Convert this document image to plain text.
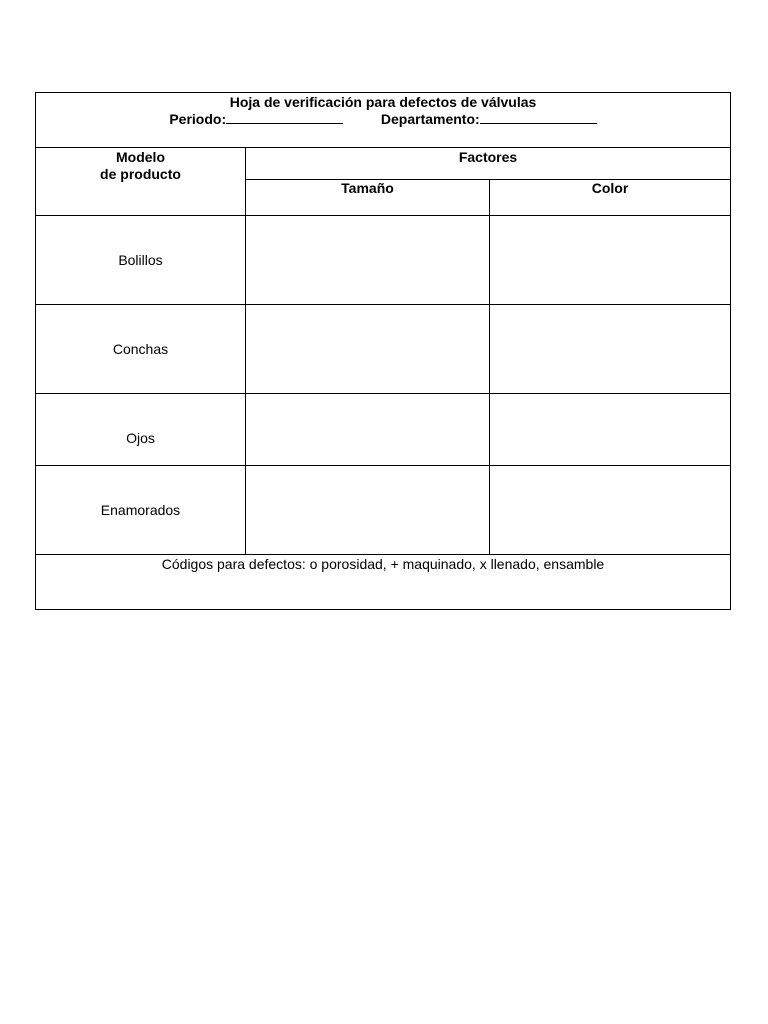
Hoja de verificación para defectos de válvulas
Periodo: Departamento:		

Modelo
de producto	Factores	
	Tamaño	Color
Bolillos		
Conchas		
Ojos		
Enamorados		
Códigos para defectos: o porosidad, + maquinado, x llenado, ensamble		
